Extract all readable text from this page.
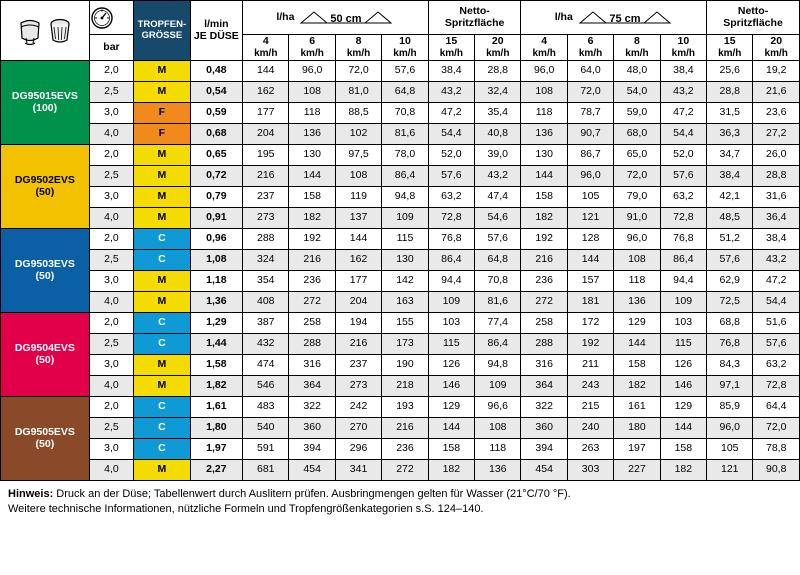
TROPFEN-
GRÖSSE

l/min
JE DÜSE

l/ha	50 cm

Netto-
Spritzfläche	l/ha	75 cm

Netto-
Spritzfläche

bar	4
km/h

6
km/h

8
km/h

10
km/h

15
km/h

20
km/h

4
km/h

6
km/h

8
km/h

10
km/h

15
km/h

20
km/h

DG95015EVS
(100)	2,0	M	0,48	144	96,0	72,0	57,6	38,4	28,8	96,0	64,0	48,0	38,4	25,6	19,2
	2,5	M	0,54	162	108	81,0	64,8	43,2	32,4	108	72,0	54,0	43,2	28,8	21,6
	3,0	F	0,59	177	118	88,5	70,8	47,2	35,4	118	78,7	59,0	47,2	31,5	23,6
	4,0	F	0,68	204	136	102	81,6	54,4	40,8	136	90,7	68,0	54,4	36,3	27,2

DG9502EVS
(50)	2,0	M	0,65	195	130	97,5	78,0	52,0	39,0	130	86,7	65,0	52,0	34,7	26,0
	2,5	M	0,72	216	144	108	86,4	57,6	43,2	144	96,0	72,0	57,6	38,4	28,8
	3,0	M	0,79	237	158	119	94,8	63,2	47,4	158	105	79,0	63,2	42,1	31,6
	4,0	M	0,91	273	182	137	109	72,8	54,6	182	121	91,0	72,8	48,5	36,4

DG9503EVS
(50)	2,0	C	0,96	288	192	144	115	76,8	57,6	192	128	96,0	76,8	51,2	38,4
	2,5	C	1,08	324	216	162	130	86,4	64,8	216	144	108	86,4	57,6	43,2
	3,0	M	1,18	354	236	177	142	94,4	70,8	236	157	118	94,4	62,9	47,2
	4,0	M	1,36	408	272	204	163	109	81,6	272	181	136	109	72,5	54,4

DG9504EVS
(50)	2,0	C	1,29	387	258	194	155	103	77,4	258	172	129	103	68,8	51,6
	2,5	C	1,44	432	288	216	173	115	86,4	288	192	144	115	76,8	57,6
	3,0	M	1,58	474	316	237	190	126	94,8	316	211	158	126	84,3	63,2
	4,0	M	1,82	546	364	273	218	146	109	364	243	182	146	97,1	72,8

DG9505EVS
(50)	2,0	C	1,61	483	322	242	193	129	96,6	322	215	161	129	85,9	64,4
	2,5	C	1,80	540	360	270	216	144	108	360	240	180	144	96,0	72,0
	3,0	C	1,97	591	394	296	236	158	118	394	263	197	158	105	78,8
	4,0	M	2,27	681	454	341	272	182	136	454	303	227	182	121	90,8
Hinweis: Druck an der Düse; Tabellenwert durch Auslitern prüfen. Ausbringmengen gelten für Wasser (21°C/70 °F).
Weitere technische Informationen, nützliche Formeln und Tropfengrößenkategorien s.S. 124–140.
